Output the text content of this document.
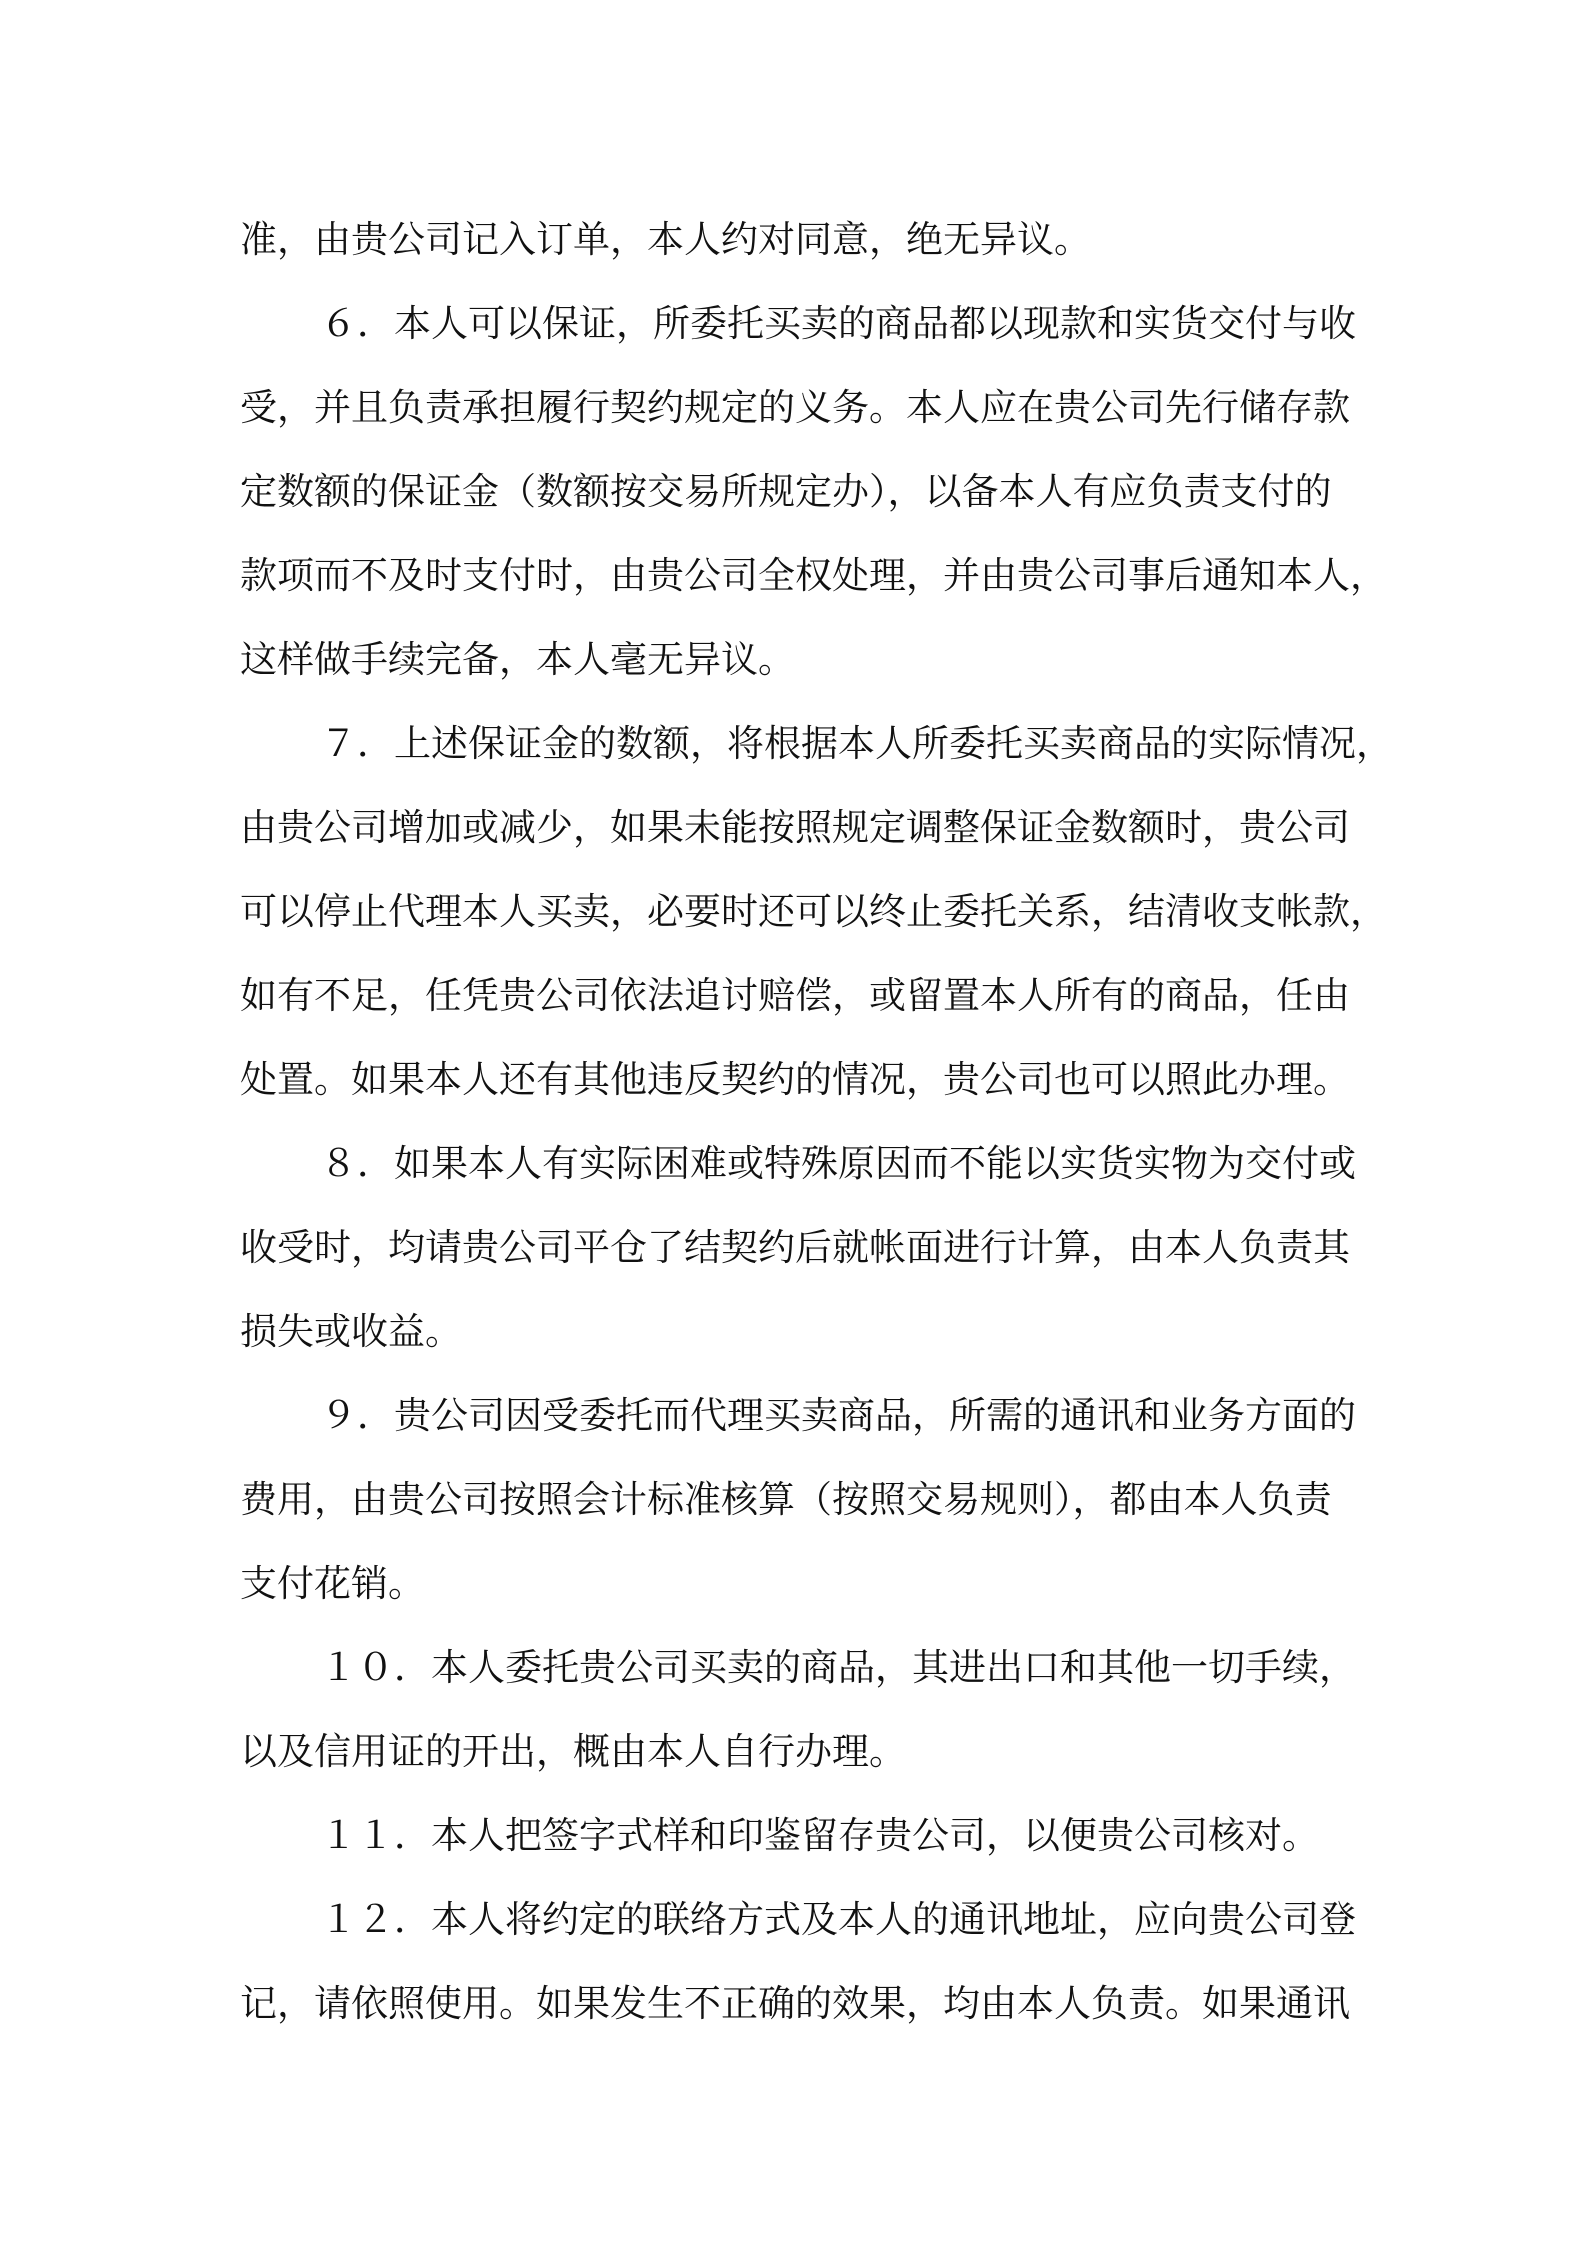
准，由贵公司记入订单，本人约对同意，绝无异议。
６．本人可以保证，所委托买卖的商品都以现款和实货交付与收
受，并且负责承担履行契约规定的义务。本人应在贵公司先行储存款
定数额的保证金（数额按交易所规定办），以备本人有应负责支付的
款项而不及时支付时，由贵公司全权处理，并由贵公司事后通知本人，
这样做手续完备，本人毫无异议。
７．上述保证金的数额，将根据本人所委托买卖商品的实际情况，
由贵公司增加或减少，如果未能按照规定调整保证金数额时，贵公司
可以停止代理本人买卖，必要时还可以终止委托关系，结清收支帐款，
如有不足，任凭贵公司依法追讨赔偿，或留置本人所有的商品，任由
处置。如果本人还有其他违反契约的情况，贵公司也可以照此办理。
８．如果本人有实际困难或特殊原因而不能以实货实物为交付或
收受时，均请贵公司平仓了结契约后就帐面进行计算，由本人负责其
损失或收益。
９．贵公司因受委托而代理买卖商品，所需的通讯和业务方面的
费用，由贵公司按照会计标准核算（按照交易规则），都由本人负责
支付花销。
１０．本人委托贵公司买卖的商品，其进出口和其他一切手续，
以及信用证的开出，概由本人自行办理。
１１．本人把签字式样和印鉴留存贵公司，以便贵公司核对。
１２．本人将约定的联络方式及本人的通讯地址，应向贵公司登
记，请依照使用。如果发生不正确的效果，均由本人负责。如果通讯
